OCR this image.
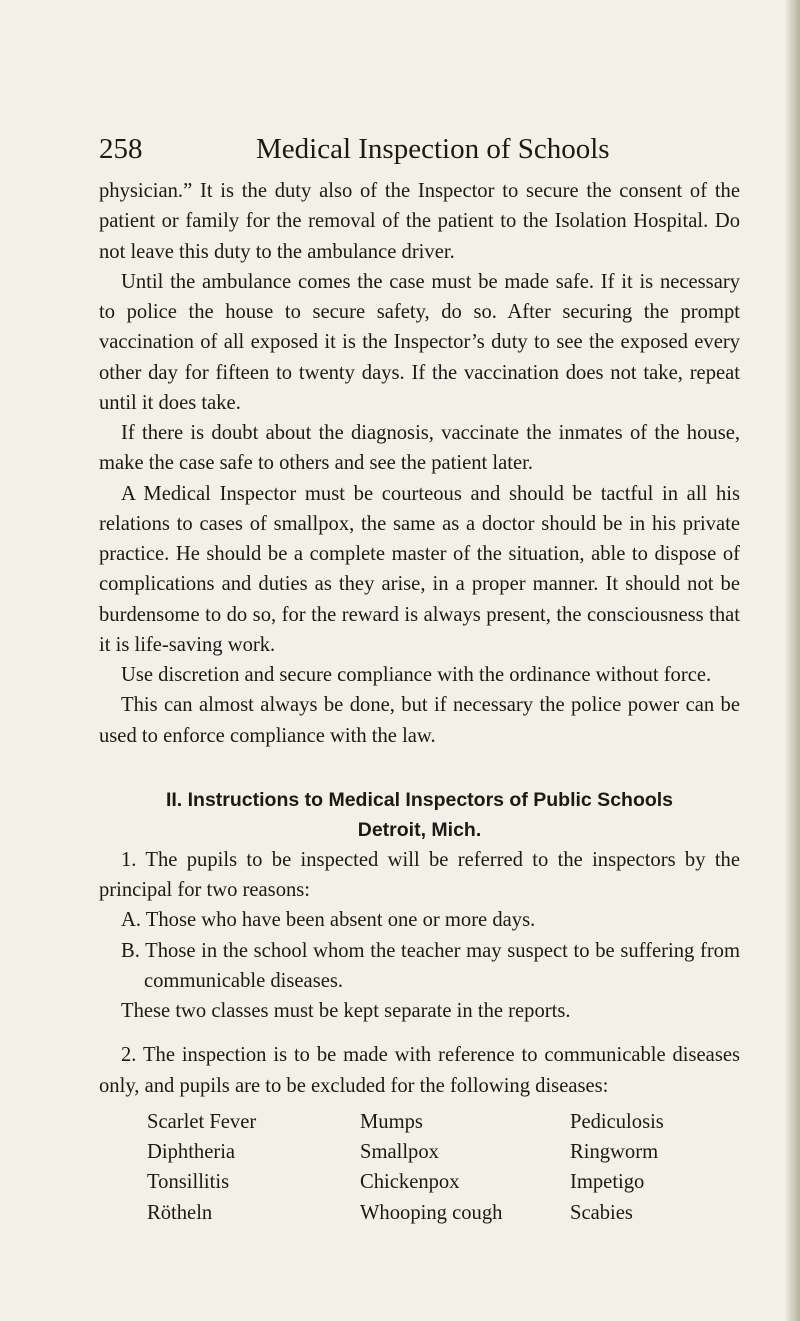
258	Medical Inspection of Schools

physician.” It is the duty also of the Inspector to secure the consent of the patient or family for the removal of the patient to the Isolation Hospital. Do not leave this duty to the ambulance driver.

Until the ambulance comes the case must be made safe. If it is necessary to police the house to secure safety, do so. After securing the prompt vaccination of all exposed it is the Inspector’s duty to see the exposed every other day for fifteen to twenty days. If the vaccination does not take, repeat until it does take.

If there is doubt about the diagnosis, vaccinate the inmates of the house, make the case safe to others and see the patient later.

A Medical Inspector must be courteous and should be tactful in all his relations to cases of smallpox, the same as a doctor should be in his private practice. He should be a complete master of the situation, able to dispose of complications and duties as they arise, in a proper manner. It should not be burdensome to do so, for the reward is always present, the consciousness that it is life-saving work.

Use discretion and secure compliance with the ordinance without force.

This can almost always be done, but if necessary the police power can be used to enforce compliance with the law.

II. Instructions to Medical Inspectors of Public Schools
Detroit, Mich.

1. The pupils to be inspected will be referred to the inspectors by the principal for two reasons:

A. Those who have been absent one or more days.

B. Those in the school whom the teacher may suspect to be suffering from communicable diseases.

These two classes must be kept separate in the reports.

2. The inspection is to be made with reference to communicable diseases only, and pupils are to be excluded for the following diseases:

Scarlet Fever
Diphtheria
Tonsillitis
Rötheln
Mumps
Smallpox
Chickenpox
Whooping cough
Pediculosis
Ringworm
Impetigo
Scabies
